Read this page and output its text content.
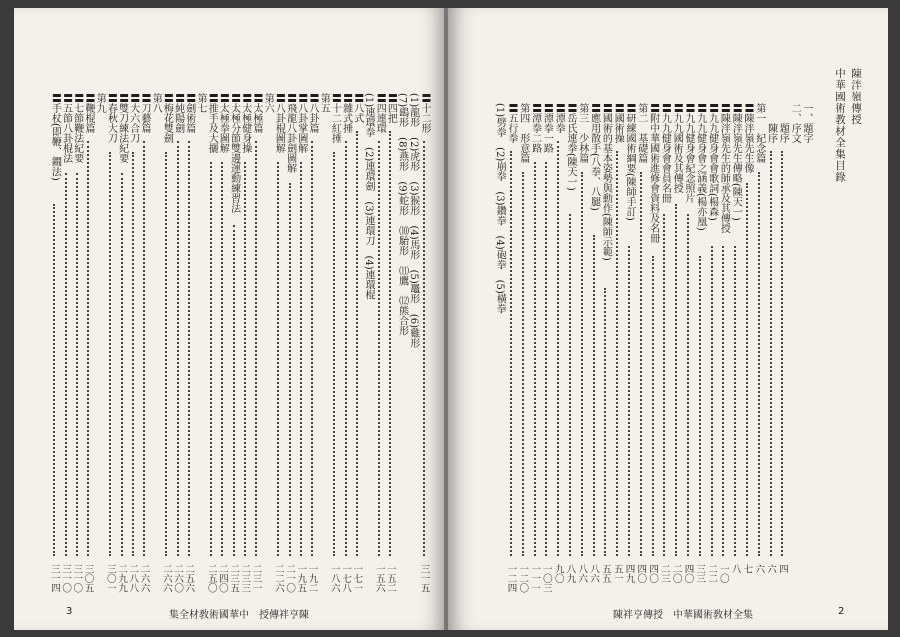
〓十二形
三一五
(1)龍形　(2)虎形　(3)猴形　(4)馬形　(5)鼉形　(6)雞形
(7)鷂形　(8)燕形　(9)蛇形　⑽駘形　⑾鷹　⑿熊合形
〓四把
一五二
〓四連環
一五六
(1)連環拳　(2)連環劍　(3)連環刀　(4)連環棍
〓八式
一七一
〓雜式捶
一七八
〓十二紅捶
一八六
第五
〓八卦篇
一九二
〓八卦掌圖解
一九五
〓飛龍八卦劍圖解
二一〇
〓八卦棍圖解
二二六
第六
〓太極篇
二三一
〓太極健身操
二三三
〓太極分節雙邊運動練習法
二三五
〓太極拳圖解
二四〇
〓推手及大攦
二五〇
第七
〓劍術篇
二五六
〓純陽劍
二六〇
〓梅花雙劍
二六六
第八
〓刀藝篇
二六六
〓大六合刀
二八八
〓雙刀練法紀要
二九九
〓春秋大刀
三〇一
第九
〓鞭棍篇
三〇五
〓七節鞭法紀要
三一〇
〓五節八卦棍法
三一〇
〓手杖(即鞭、鐗法)
三一四
集全材敎術國華中　授傳袢亨陳
3
陳泮嶺傳授
中華國術教材全集目錄
一、題字
二、序文
　　題序
四
　　陳序
六
第一　紀念篇
六
〓陳泮嶺先生像
七
〓陳泮嶺先生傳略(陳天一)
八
〓陳泮嶺先生的師承及其傳授
一〇
〓九九健身會會歌詞(楊森)
二二
〓九九健身會之涵義(楊亦凰)
三三
〓九九健身會紀念照片
四〇
〓九九國術及其傳授
二〇
〓九九健身會會員名冊
二三
〓附中華國術進修會資料及名冊
四〇
第二　基礎篇
四〇
〓研練國術綱要(陳師手訂)
四九
〓國術操
五一
〓國術的基本姿勢與動作(陳師示範)
五五
〓應用散手(八拳、八腿)
八六
第三　少林篇
八六
〓岳氏連拳(陳天一)
八九
〓潭拳
九〇
〓潭拳一路
一〇三
〓潭拳二路
一一一
第四　形意篇
一二〇
〓五行拳
一二四
(1)劈拳　(2)崩拳　(3)鑽拳　(4)砲拳　(5)橫拳
陳袢亨傳授　中華國術敎材全集	2
